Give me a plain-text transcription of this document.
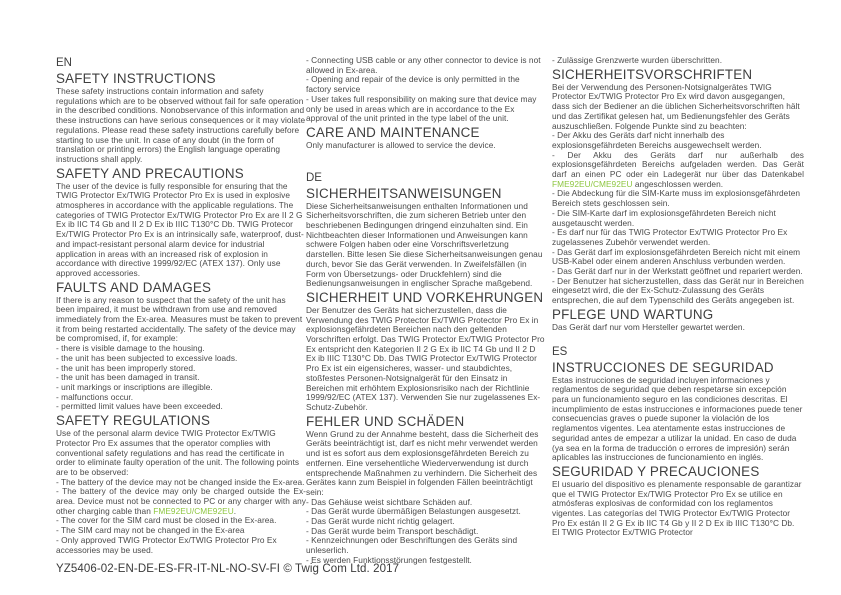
EN
SAFETY INSTRUCTIONS
These safety instructions contain information and safety regulations which are to be observed without fail for safe operation in the described conditions. Nonobservance of this information and these instructions can have serious consequences or it may violate regulations. Please read these safety instructions carefully before starting to use the unit. In case of any doubt (in the form of translation or printing errors) the English language operating instructions shall apply.
SAFETY AND PRECAUTIONS
The user of the device is fully responsible for ensuring that the TWIG Protector Ex/TWIG Protector Pro Ex is used in explosive atmospheres in accordance with the applicable regulations. The categories of TWIG Protector Ex/TWIG Protector Pro Ex are II 2 G Ex ib IIC T4 Gb and II 2 D Ex ib IIIC T130°C Db. TWIG Protecor Ex/TWIG Protector Pro Ex is an intrinsically safe, waterproof, dust- and impact-resistant personal alarm device for industrial application in areas with an increased risk of explosion in accordance with directive 1999/92/EC (ATEX 137). Only use approved accessories.
FAULTS AND DAMAGES
If there is any reason to suspect that the safety of the unit has been impaired, it must be withdrawn from use and removed immediately from the Ex-area. Measures must be taken to prevent it from being restarted accidentally. The safety of the device may be compromised, if, for example:
- there is visible damage to the housing.
- the unit has been subjected to excessive loads.
- the unit has been improperly stored.
- the unit has been damaged in transit.
- unit markings or inscriptions are illegible.
- malfunctions occur.
- permitted limit values have been exceeded.
SAFETY REGULATIONS
Use of the personal alarm device TWIG Protector Ex/TWIG Protector Pro Ex assumes that the operator complies with conventional safety regulations and has read the certificate in order to eliminate faulty operation of the unit. The following points are to be observed:
- The battery of the device may not be changed inside the Ex-area.
- The battery of the device may only be charged outside the Ex-area. Device must not be connected to PC or any charger with any other charging cable than FME92EU/CME92EU.
- The cover for the SIM card must be closed in the Ex-area.
- The SIM card may not be changed in the Ex-area
- Only approved TWIG Protector Ex/TWIG Protector Pro Ex accessories may be used.
- Connecting USB cable or any other connector to device is not allowed in Ex-area.
- Opening and repair of the device is only permitted in the factory service
- User takes full responsibility on making sure that device may only be used in areas which are in accordance to the Ex approval of the unit printed in the type label of the unit.
CARE AND MAINTENANCE
Only manufacturer is allowed to service the device.
DE
SICHERHEITSANWEISUNGEN
Diese Sicherheitsanweisungen enthalten Informationen und Sicherheitsvorschriften, die zum sicheren Betrieb unter den beschriebenen Bedingungen dringend einzuhalten sind. Ein Nichtbeachten dieser Informationen und Anweisungen kann schwere Folgen haben oder eine Vorschriftsverletzung darstellen. Bitte lesen Sie diese Sicherheitsanweisungen genau durch, bevor Sie das Gerät verwenden. In Zweifelsfällen (in Form von Übersetzungs- oder Druckfehlern) sind die Bedienungsanweisungen in englischer Sprache maßgebend.
SICHERHEIT UND VORKEHRUNGEN
Der Benutzer des Geräts hat sicherzustellen, dass die Verwendung des TWIG Protector Ex/TWIG Protector Pro Ex in explosionsgefährdeten Bereichen nach den geltenden Vorschriften erfolgt. Das TWIG Protector Ex/TWIG Protector Pro Ex entspricht den Kategorien II 2 G Ex ib IIC T4 Gb und II 2 D Ex ib IIIC T130°C Db. Das TWIG Protector Ex/TWIG Protector Pro Ex ist ein eigensicheres, wasser- und staubdichtes, stoßfestes Personen-Notsignalgerät für den Einsatz in Bereichen mit erhöhtem Explosionsrisiko nach der Richtlinie 1999/92/EC (ATEX 137). Verwenden Sie nur zugelassenes Ex-Schutz-Zubehör.
FEHLER UND SCHÄDEN
Wenn Grund zu der Annahme besteht, dass die Sicherheit des Geräts beeinträchtigt ist, darf es nicht mehr verwendet werden und ist es sofort aus dem explosionsgefährdeten Bereich zu entfernen. Eine versehentliche Wiederverwendung ist durch entsprechende Maßnahmen zu verhindern. Die Sicherheit des Gerätes kann zum Beispiel in folgenden Fällen beeinträchtigt sein:
- Das Gehäuse weist sichtbare Schäden auf.
- Das Gerät wurde übermäßigen Belastungen ausgesetzt.
- Das Gerät wurde nicht richtig gelagert.
- Das Gerät wurde beim Transport beschädigt.
- Kennzeichnungen oder Beschriftungen des Geräts sind unleserlich.
- Es werden Funktionsstörungen festgestellt.
- Zulässige Grenzwerte wurden überschritten.
SICHERHEITSVORSCHRIFTEN
Bei der Verwendung des Personen-Notsignalgerätes TWIG Protector Ex/TWIG Protector Pro Ex wird davon ausgegangen, dass sich der Bediener an die üblichen Sicherheitsvorschriften hält und das Zertifikat gelesen hat, um Bedienungsfehler des Geräts auszuschließen. Folgende Punkte sind zu beachten:
- Der Akku des Geräts darf nicht innerhalb des explosionsgefährdeten Bereichs ausgewechselt werden.
- Der Akku des Geräts darf nur außerhalb des explosionsgefährdeten Bereichs aufgeladen werden. Das Gerät darf an einen PC oder ein Ladegerät nur über das Datenkabel FME92EU/CME92EU angeschlossen werden.
- Die Abdeckung für die SIM-Karte muss im explosionsgefährdeten Bereich stets geschlossen sein.
- Die SIM-Karte darf im explosionsgefährdeten Bereich nicht ausgetauscht werden.
- Es darf nur für das TWIG Protector Ex/TWIG Protector Pro Ex zugelassenes Zubehör verwendet werden.
- Das Gerät darf im explosionsgefährdeten Bereich nicht mit einem USB-Kabel oder einem anderen Anschluss verbunden werden.
- Das Gerät darf nur in der Werkstatt geöffnet und repariert werden.
- Der Benutzer hat sicherzustellen, dass das Gerät nur in Bereichen eingesetzt wird, die der Ex-Schutz-Zulassung des Geräts entsprechen, die auf dem Typenschild des Geräts angegeben ist.
PFLEGE UND WARTUNG
Das Gerät darf nur vom Hersteller gewartet werden.
ES
INSTRUCCIONES DE SEGURIDAD
Estas instrucciones de seguridad incluyen informaciones y reglamentos de seguridad que deben respetarse sin excepción para un funcionamiento seguro en las condiciones descritas. El incumplimiento de estas instrucciones e informaciones puede tener consecuencias graves o puede suponer la violación de los reglamentos vigentes. Lea atentamente estas instrucciones de seguridad antes de empezar a utilizar la unidad. En caso de duda (ya sea en la forma de traducción o errores de impresión) serán aplicables las instrucciones de funcionamiento en inglés.
SEGURIDAD Y PRECAUCIONES
El usuario del dispositivo es plenamente responsable de garantizar que el TWIG Protector Ex/TWIG Protector Pro Ex se utilice en atmósferas explosivas de conformidad con los reglamentos vigentes. Las categorías del TWIG Protector Ex/TWIG Protector Pro Ex están II 2 G Ex ib IIC T4 Gb y II 2 D Ex ib IIIC T130°C Db. El TWIG Protector Ex/TWIG Protector
YZ5406-02-EN-DE-ES-FR-IT-NL-NO-SV-FI © Twig Com Ltd. 2017
